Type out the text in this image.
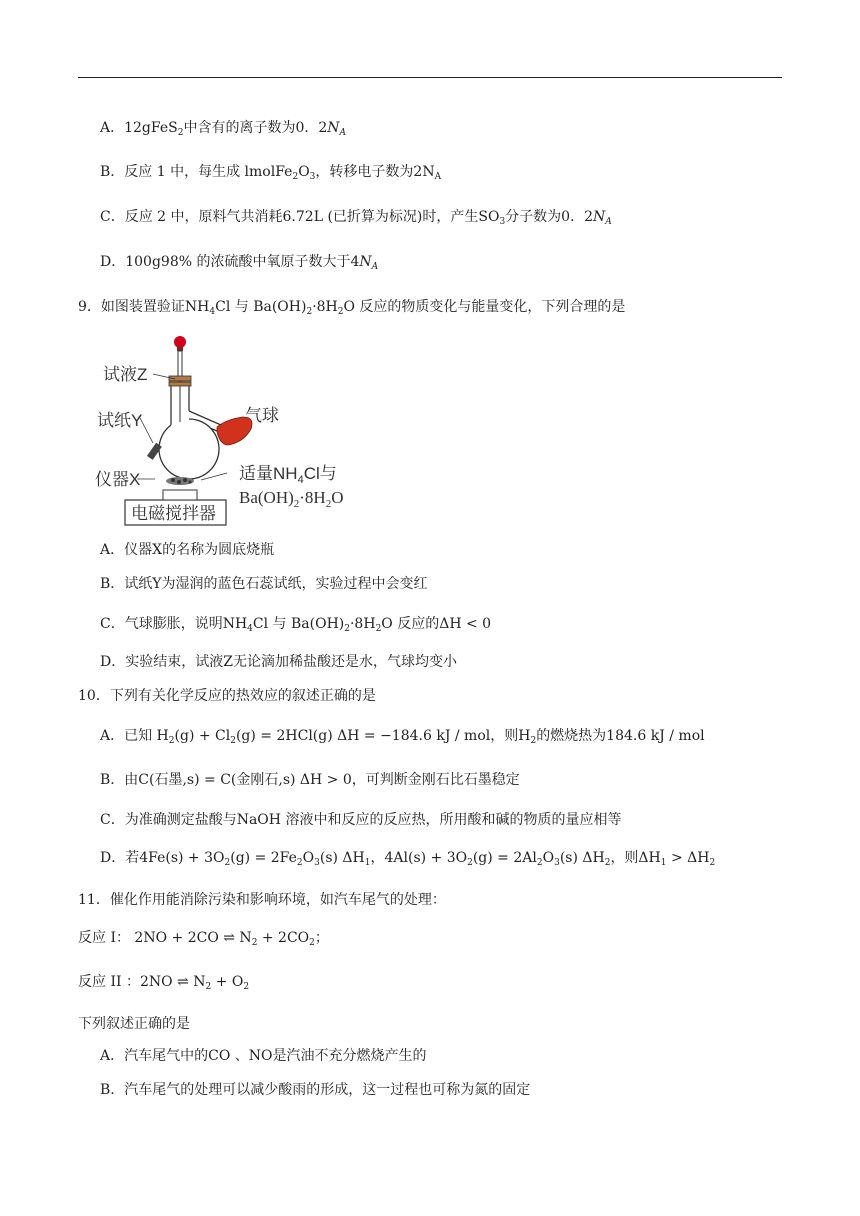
A．12gFeS$_2$中含有的离子数为0．$2N_A$
B．反应 1 中，每生成 $lmolFe_2O_3$，转移电子数为$2N_A$
C．反应 2 中，原料气共消耗6.72L (已折算为标况)时，产生$SO_3$分子数为0．$2N_A$
D．100g98% 的浓硫酸中氧原子数大于$4N_A$
9．如图装置验证$NH_4Cl$ 与 $Ba(OH)_2\cdot 8H_2O$ 反应的物质变化与能量变化，下列合理的是
试液Z
试纸Y
仪器X
气球
适量$NH_4Cl$与
$Ba(OH)_2\cdot 8H_2O$
电磁搅拌器
A．仪器X的名称为圆底烧瓶
B．试纸Y为湿润的蓝色石蕊试纸，实验过程中会变红
C．气球膨胀，说明$NH_4Cl$ 与 $Ba(OH)_2\cdot 8H_2O$ 反应的ΔH < 0
D．实验结束，试液Z无论滴加稀盐酸还是水，气球均变小
10．下列有关化学反应的热效应的叙述正确的是
A．已知 $H_2(g) + Cl_2(g) = 2HCl(g) \Delta H = -184.6$ kJ / mol，则$H_2$的燃烧热为184.6 kJ / mol
B．由C(石墨,s) = C(金刚石,s) ΔH > 0，可判断金刚石比石墨稳定
C．为准确测定盐酸与NaOH 溶液中和反应的反应热，所用酸和碱的物质的量应相等
D．若$4Fe(s) + 3O_2(g) = 2Fe_2O_3(s)$ $\Delta H_1$，$4Al(s) + 3O_2(g) = 2Al_2O_3(s)$ $\Delta H_2$，则$\Delta H_1 > \Delta H_2$
11．催化作用能消除污染和影响环境，如汽车尾气的处理：
反应 I： 2NO + 2CO ⇌ $N_2 + 2CO_2$；
反应 II ：2NO ⇌ $N_2 + O_2$
下列叙述正确的是
A．汽车尾气中的CO 、NO是汽油不充分燃烧产生的
B．汽车尾气的处理可以减少酸雨的形成，这一过程也可称为氮的固定
